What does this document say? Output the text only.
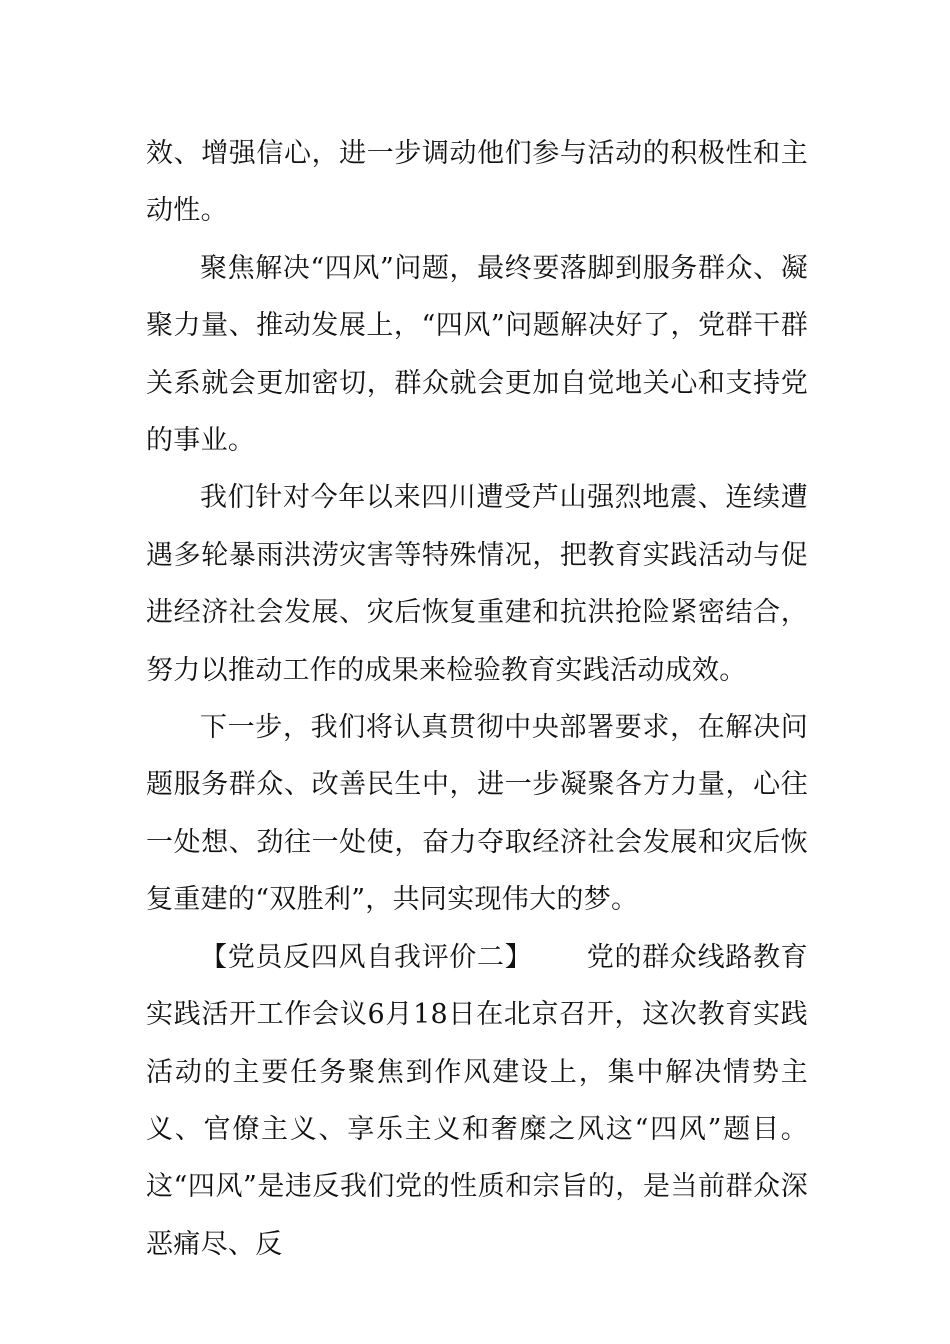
效、增强信心，进一步调动他们参与活动的积极性和主动性。

聚焦解决“四风”问题，最终要落脚到服务群众、凝聚力量、推动发展上，“四风”问题解决好了，党群干群关系就会更加密切，群众就会更加自觉地关心和支持党的事业。

我们针对今年以来四川遭受芦山强烈地震、连续遭遇多轮暴雨洪涝灾害等特殊情况，把教育实践活动与促进经济社会发展、灾后恢复重建和抗洪抢险紧密结合，努力以推动工作的成果来检验教育实践活动成效。

下一步，我们将认真贯彻中央部署要求，在解决问题服务群众、改善民生中，进一步凝聚各方力量，心往一处想、劲往一处使，奋力夺取经济社会发展和灾后恢复重建的“双胜利”，共同实现伟大的梦。

【党员反四风自我评价二】 党的群众线路教育实践活开工作会议6月18日在北京召开，这次教育实践活动的主要任务聚焦到作风建设上，集中解决情势主义、官僚主义、享乐主义和奢糜之风这“四风”题目。这“四风”是违反我们党的性质和宗旨的，是当前群众深恶痛尽、反
